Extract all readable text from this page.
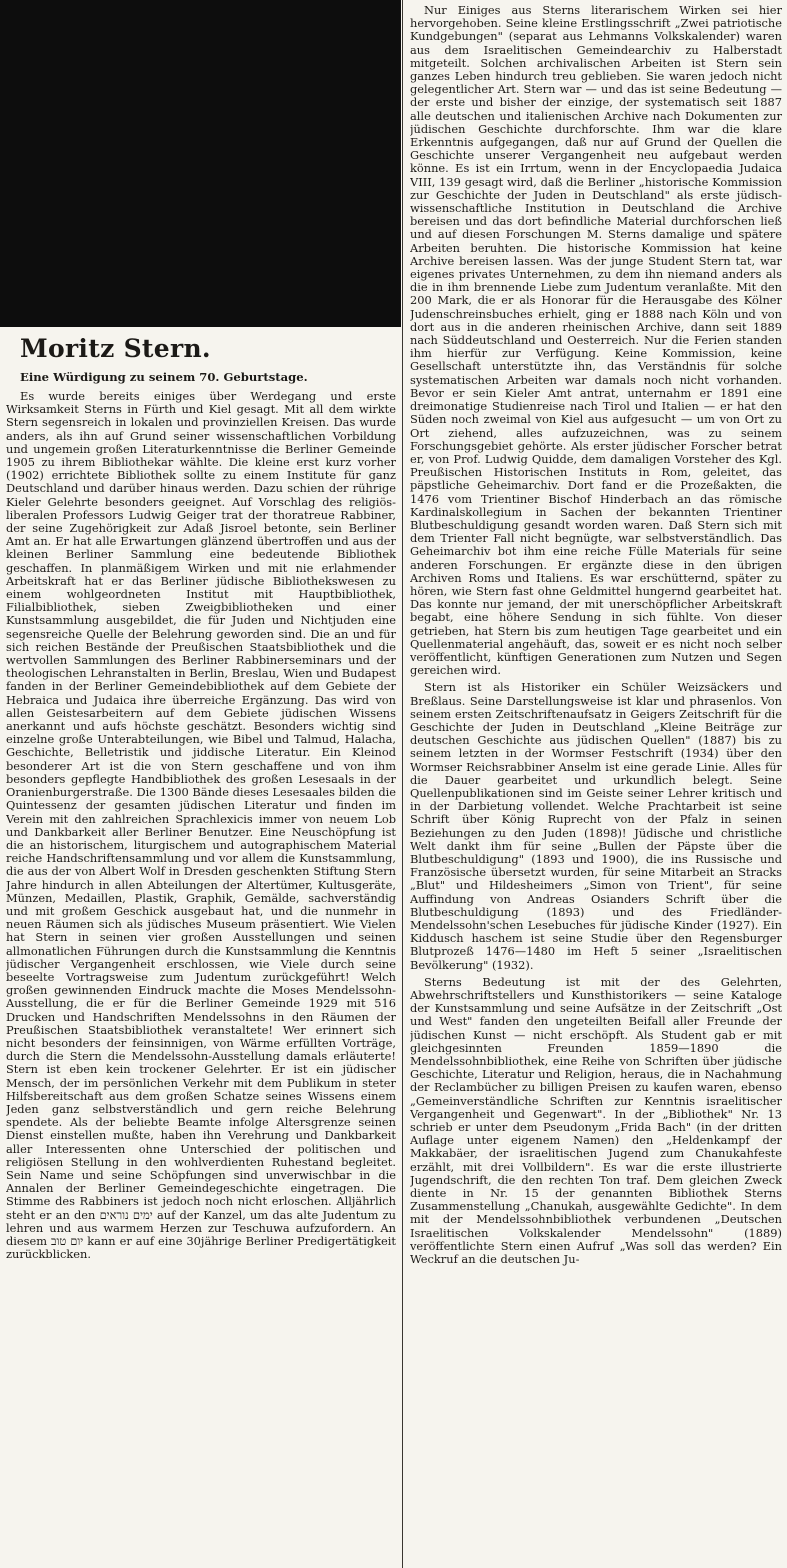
Moritz Stern.
Eine Würdigung zu seinem 70. Geburtstage.

Es wurde bereits einiges über Werdegang und erste Wirksamkeit Sterns in Fürth und Kiel gesagt. Mit all dem wirkte Stern segensreich in lokalen und provinziellen Kreisen. Das wurde anders, als ihn auf Grund seiner wissenschaftlichen Vorbildung und ungemein großen Literaturkenntnisse die Berliner Gemeinde 1905 zu ihrem Bibliothekar wählte. Die kleine erst kurz vorher (1902) errichtete Bibliothek sollte zu einem Institute für ganz Deutschland und darüber hinaus werden. Dazu schien der rührige Kieler Gelehrte besonders geeignet. Auf Vorschlag des religiös-liberalen Professors Ludwig Geiger trat der thoratreue Rabbiner, der seine Zugehörigkeit zur Adaß Jisroel betonte, sein Berliner Amt an. Er hat alle Erwartungen glänzend übertroffen und aus der kleinen Berliner Sammlung eine bedeutende Bibliothek geschaffen. In planmäßigem Wirken und mit nie erlahmender Arbeitskraft hat er das Berliner jüdische Bibliothekswesen zu einem wohlgeordneten Institut mit Hauptbibliothek, Filialbibliothek, sieben Zweigbibliotheken und einer Kunstsammlung ausgebildet, die für Juden und Nichtjuden eine segensreiche Quelle der Belehrung geworden sind. Die an und für sich reichen Bestände der Preußischen Staatsbibliothek und die wertvollen Sammlungen des Berliner Rabbinerseminars und der theologischen Lehranstalten in Berlin, Breslau, Wien und Budapest fanden in der Berliner Gemeindebibliothek auf dem Gebiete der Hebraica und Judaica ihre überreiche Ergänzung. Das wird von allen Geistesarbeitern auf dem Gebiete jüdischen Wissens anerkannt und aufs höchste geschätzt. Besonders wichtig sind einzelne große Unterabteilungen, wie Bibel und Talmud, Halacha, Geschichte, Belletristik und jiddische Literatur. Ein Kleinod besonderer Art ist die von Stern geschaffene und von ihm besonders gepflegte Handbibliothek des großen Lesesaals in der Oranienburgerstraße. Die 1300 Bände dieses Lesesaales bilden die Quintessenz der gesamten jüdischen Literatur und finden im Verein mit den zahlreichen Sprachlexicis immer von neuem Lob und Dankbarkeit aller Berliner Benutzer. Eine Neuschöpfung ist die an historischem, liturgischem und autographischem Material reiche Handschriftensammlung und vor allem die Kunstsammlung, die aus der von Albert Wolf in Dresden geschenkten Stiftung Stern Jahre hindurch in allen Abteilungen der Altertümer, Kultusgeräte, Münzen, Medaillen, Plastik, Graphik, Gemälde, sachverständig und mit großem Geschick ausgebaut hat, und die nunmehr in neuen Räumen sich als jüdisches Museum präsentiert. Wie Vielen hat Stern in seinen vier großen Ausstellungen und seinen allmonatlichen Führungen durch die Kunstsammlung die Kenntnis jüdischer Vergangenheit erschlossen, wie Viele durch seine beseelte Vortragsweise zum Judentum zurückgeführt! Welch großen gewinnenden Eindruck machte die Moses Mendelssohn-Ausstellung, die er für die Berliner Gemeinde 1929 mit 516 Drucken und Handschriften Mendelssohns in den Räumen der Preußischen Staatsbibliothek veranstaltete! Wer erinnert sich nicht besonders der feinsinnigen, von Wärme erfüllten Vorträge, durch die Stern die Mendelssohn-Ausstellung damals erläuterte! Stern ist eben kein trockener Gelehrter. Er ist ein jüdischer Mensch, der im persönlichen Verkehr mit dem Publikum in steter Hilfsbereitschaft aus dem großen Schatze seines Wissens einem Jeden ganz selbstverständlich und gern reiche Belehrung spendete. Als der beliebte Beamte infolge Altersgrenze seinen Dienst einstellen mußte, haben ihn Verehrung und Dankbarkeit aller Interessenten ohne Unterschied der politischen und religiösen Stellung in den wohlverdienten Ruhestand begleitet. Sein Name und seine Schöpfungen sind unverwischbar in die Annalen der Berliner Gemeindegeschichte eingetragen. Die Stimme des Rabbiners ist jedoch noch nicht erloschen. Alljährlich steht er an den ימים נוראים auf der Kanzel, um das alte Judentum zu lehren und aus warmem Herzen zur Teschuwa aufzufordern. An diesem יום טוב kann er auf eine 30jährige Berliner Predigertätigkeit zurückblicken.

Nur Einiges aus Sterns literarischem Wirken sei hier hervorgehoben. Seine kleine Erstlingsschrift „Zwei patriotische Kundgebungen" (separat aus Lehmanns Volkskalender) waren aus dem Israelitischen Gemeindearchiv zu Halberstadt mitgeteilt. Solchen archivalischen Arbeiten ist Stern sein ganzes Leben hindurch treu geblieben. Sie waren jedoch nicht gelegentlicher Art. Stern war — und das ist seine Bedeutung — der erste und bisher der einzige, der systematisch seit 1887 alle deutschen und italienischen Archive nach Dokumenten zur jüdischen Geschichte durchforschte. Ihm war die klare Erkenntnis aufgegangen, daß nur auf Grund der Quellen die Geschichte unserer Vergangenheit neu aufgebaut werden könne. Es ist ein Irrtum, wenn in der Encyclopaedia Judaica VIII, 139 gesagt wird, daß die Berliner „historische Kommission zur Geschichte der Juden in Deutschland" als erste jüdisch-wissenschaftliche Institution in Deutschland die Archive bereisen und das dort befindliche Material durchforschen ließ und auf diesen Forschungen M. Sterns damalige und spätere Arbeiten beruhten. Die historische Kommission hat keine Archive bereisen lassen. Was der junge Student Stern tat, war eigenes privates Unternehmen, zu dem ihn niemand anders als die in ihm brennende Liebe zum Judentum veranlaßte. Mit den 200 Mark, die er als Honorar für die Herausgabe des Kölner Judenschreinsbuches erhielt, ging er 1888 nach Köln und von dort aus in die anderen rheinischen Archive, dann seit 1889 nach Süddeutschland und Oesterreich. Nur die Ferien standen ihm hierfür zur Verfügung. Keine Kommission, keine Gesellschaft unterstützte ihn, das Verständnis für solche systematischen Arbeiten war damals noch nicht vorhanden. Bevor er sein Kieler Amt antrat, unternahm er 1891 eine dreimonatige Studienreise nach Tirol und Italien — er hat den Süden noch zweimal von Kiel aus aufgesucht — um von Ort zu Ort ziehend, alles aufzuzeichnen, was zu seinem Forschungsgebiet gehörte. Als erster jüdischer Forscher betrat er, von Prof. Ludwig Quidde, dem damaligen Vorsteher des Kgl. Preußischen Historischen Instituts in Rom, geleitet, das päpstliche Geheimarchiv. Dort fand er die Prozeßakten, die 1476 vom Trientiner Bischof Hinderbach an das römische Kardinalskollegium in Sachen der bekannten Trientiner Blutbeschuldigung gesandt worden waren. Daß Stern sich mit dem Trienter Fall nicht begnügte, war selbstverständlich. Das Geheimarchiv bot ihm eine reiche Fülle Materials für seine anderen Forschungen. Er ergänzte diese in den übrigen Archiven Roms und Italiens. Es war erschütternd, später zu hören, wie Stern fast ohne Geldmittel hungernd gearbeitet hat. Das konnte nur jemand, der mit unerschöpflicher Arbeitskraft begabt, eine höhere Sendung in sich fühlte. Von dieser getrieben, hat Stern bis zum heutigen Tage gearbeitet und ein Quellenmaterial angehäuft, das, soweit er es nicht noch selber veröffentlicht, künftigen Generationen zum Nutzen und Segen gereichen wird.

Stern ist als Historiker ein Schüler Weizsäckers und Breßlaus. Seine Darstellungsweise ist klar und phrasenlos. Von seinem ersten Zeitschriftenaufsatz in Geigers Zeitschrift für die Geschichte der Juden in Deutschland „Kleine Beiträge zur deutschen Geschichte aus jüdischen Quellen" (1887) bis zu seinem letzten in der Wormser Festschrift (1934) über den Wormser Reichsrabbiner Anselm ist eine gerade Linie. Alles für die Dauer gearbeitet und urkundlich belegt. Seine Quellenpublikationen sind im Geiste seiner Lehrer kritisch und in der Darbietung vollendet. Welche Prachtarbeit ist seine Schrift über König Ruprecht von der Pfalz in seinen Beziehungen zu den Juden (1898)! Jüdische und christliche Welt dankt ihm für seine „Bullen der Päpste über die Blutbeschuldigung" (1893 und 1900), die ins Russische und Französische übersetzt wurden, für seine Mitarbeit an Stracks „Blut" und Hildesheimers „Simon von Trient", für seine Auffindung von Andreas Osianders Schrift über die Blutbeschuldigung (1893) und des Friedländer-Mendelssohn'schen Lesebuches für jüdische Kinder (1927). Ein Kiddusch haschem ist seine Studie über den Regensburger Blutprozeß 1476—1480 im Heft 5 seiner „Israelitischen Bevölkerung" (1932).

Sterns Bedeutung ist mit der des Gelehrten, Abwehrschriftstellers und Kunsthistorikers — seine Kataloge der Kunstsammlung und seine Aufsätze in der Zeitschrift „Ost und West" fanden den ungeteilten Beifall aller Freunde der jüdischen Kunst — nicht erschöpft. Als Student gab er mit gleichgesinnten Freunden 1859—1890 die Mendelssohnbibliothek, eine Reihe von Schriften über jüdische Geschichte, Literatur und Religion, heraus, die in Nachahmung der Reclambücher zu billigen Preisen zu kaufen waren, ebenso „Gemeinverständliche Schriften zur Kenntnis israelitischer Vergangenheit und Gegenwart". In der „Bibliothek" Nr. 13 schrieb er unter dem Pseudonym „Frida Bach" (in der dritten Auflage unter eigenem Namen) den „Heldenkampf der Makkabäer, der israelitischen Jugend zum Chanukahfeste erzählt, mit drei Vollbildern". Es war die erste illustrierte Jugendschrift, die den rechten Ton traf. Dem gleichen Zweck diente in Nr. 15 der genannten Bibliothek Sterns Zusammenstellung „Chanukah, ausgewählte Gedichte". In dem mit der Mendelssohnbibliothek verbundenen „Deutschen Israelitischen Volkskalender Mendelssohn" (1889) veröffentlichte Stern einen Aufruf „Was soll das werden? Ein Weckruf an die deutschen Ju-
